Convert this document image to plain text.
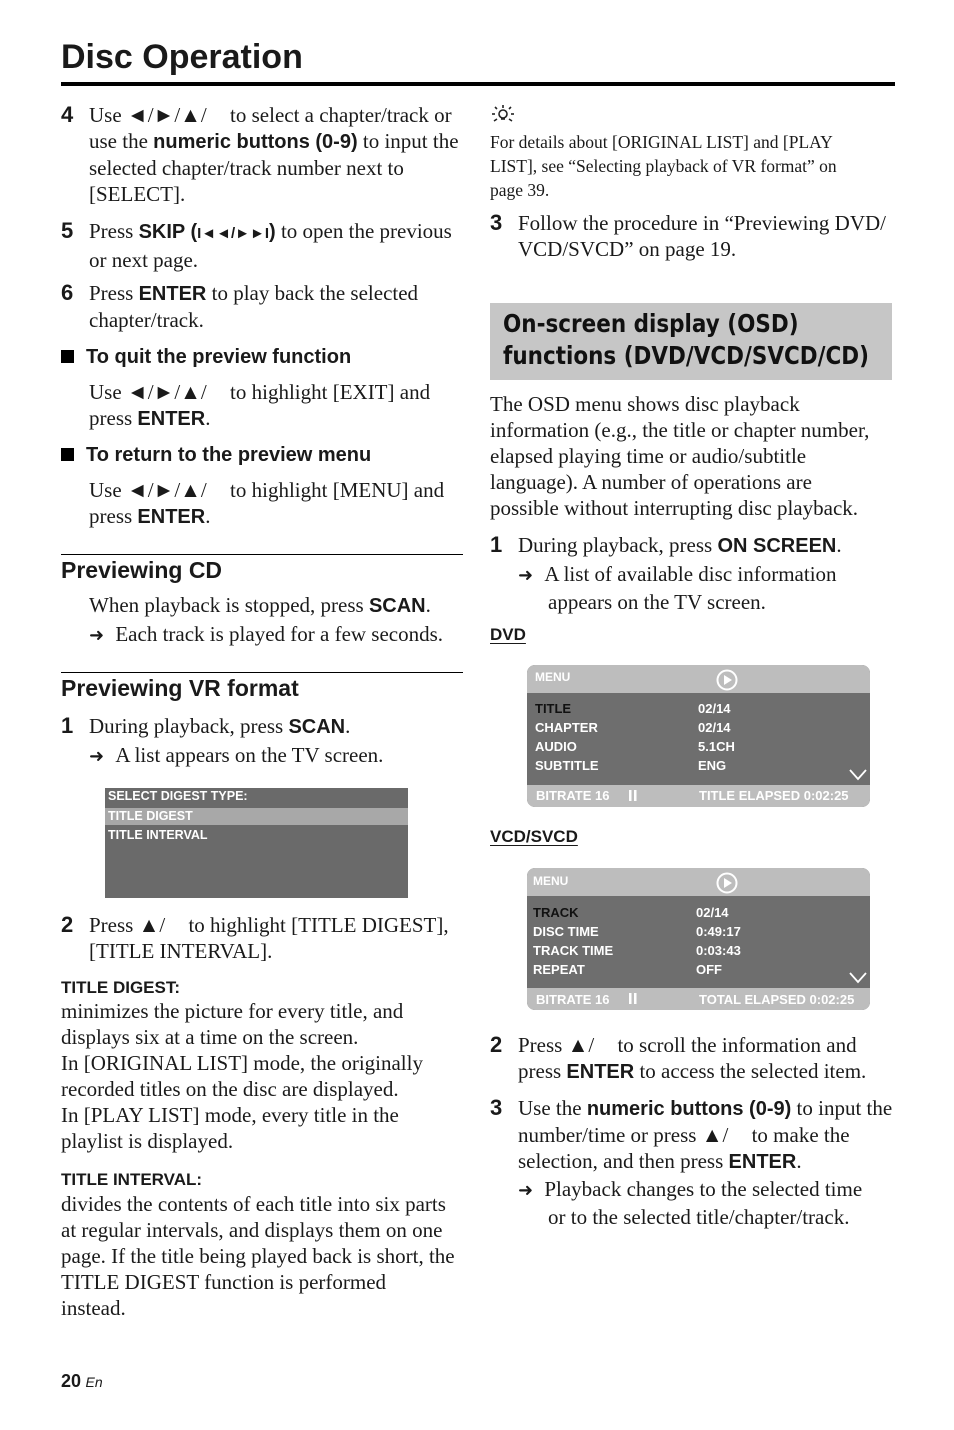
Disc Operation
4 Use ◄/►/▲/ to select a chapter/track or use the numeric buttons (0-9) to input the selected chapter/track number next to [SELECT].
5 Press SKIP (I◄◄/►►I) to open the previous or next page.
6 Press ENTER to play back the selected chapter/track.
To quit the preview function
Use ◄/►/▲/ to highlight [EXIT] and press ENTER.
To return to the preview menu
Use ◄/►/▲/ to highlight [MENU] and press ENTER.
Previewing CD
When playback is stopped, press SCAN.
➜ Each track is played for a few seconds.
Previewing VR format
1 During playback, press SCAN.
➜ A list appears on the TV screen.
SELECT DIGEST TYPE:
TITLE DIGEST
TITLE INTERVAL
2 Press ▲/ to highlight [TITLE DIGEST], [TITLE INTERVAL].
TITLE DIGEST:
minimizes the picture for every title, and
displays six at a time on the screen.
In [ORIGINAL LIST] mode, the originally
recorded titles on the disc are displayed.
In [PLAY LIST] mode, every title in the
playlist is displayed.
TITLE INTERVAL:
divides the contents of each title into six parts
at regular intervals, and displays them on one
page. If the title being played back is short, the
TITLE DIGEST function is performed
instead.
20 En
For details about [ORIGINAL LIST] and [PLAY
LIST], see “Selecting playback of VR format” on
page 39.
3 Follow the procedure in “Previewing DVD/
VCD/SVCD” on page 19.
On-screen display (OSD)
functions (DVD/VCD/SVCD/CD)
The OSD menu shows disc playback
information (e.g., the title or chapter number,
elapsed playing time or audio/subtitle
language). A number of operations are
possible without interrupting disc playback.
1 During playback, press ON SCREEN.
➜ A list of available disc information
appears on the TV screen.
DVD
MENU
TITLE	02/14
CHAPTER	02/14
AUDIO	5.1CH
SUBTITLE	ENG
BITRATE 16	TITLE ELAPSED 0:02:25
VCD/SVCD
MENU
TRACK	02/14
DISC TIME	0:49:17
TRACK TIME	0:03:43
REPEAT	OFF
BITRATE 16	TOTAL ELAPSED 0:02:25
2 Press ▲/ to scroll the information and press ENTER to access the selected item.
3 Use the numeric buttons (0-9) to input the number/time or press ▲/ to make the selection, and then press ENTER.
➜ Playback changes to the selected time
or to the selected title/chapter/track.
